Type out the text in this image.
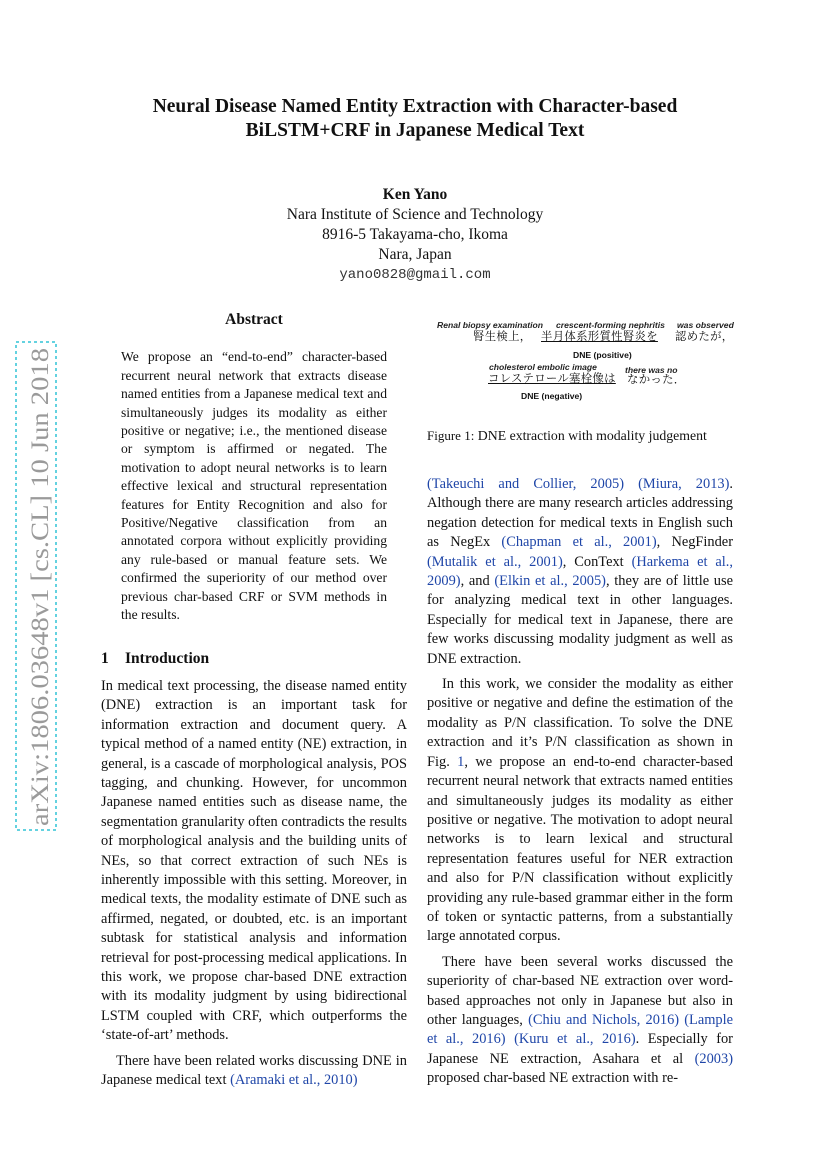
arXiv:1806.03648v1 [cs.CL] 10 Jun 2018
Neural Disease Named Entity Extraction with Character-based
BiLSTM+CRF in Japanese Medical Text
Ken Yano
Nara Institute of Science and Technology
8916-5 Takayama-cho, Ikoma
Nara, Japan
yano0828@gmail.com
Abstract

We propose an “end-to-end” character-based recurrent neural network that extracts disease named entities from a Japanese medical text and simultaneously judges its modality as either positive or negative; i.e., the mentioned disease or symptom is affirmed or negated. The motivation to adopt neural networks is to learn effective lexical and structural representation features for Entity Recognition and also for Positive/Negative classification from an annotated corpora without explicitly providing any rule-based or manual feature sets. We confirmed the superiority of our method over previous char-based CRF or SVM methods in the results.

1 Introduction

In medical text processing, the disease named entity (DNE) extraction is an important task for information extraction and document query. A typical method of a named entity (NE) extraction, in general, is a cascade of morphological analysis, POS tagging, and chunking. However, for uncommon Japanese named entities such as disease name, the segmentation granularity often contradicts the results of morphological analysis and the building units of NEs, so that correct extraction of such NEs is inherently impossible with this setting. Moreover, in medical texts, the modality estimate of DNE such as affirmed, negated, or doubted, etc. is an important subtask for statistical analysis and information retrieval for post-processing medical applications. In this work, we propose char-based DNE extraction with its modality judgment by using bidirectional LSTM coupled with CRF, which outperforms the ‘state-of-art’ methods.

There have been related works discussing DNE in Japanese medical text (Aramaki et al., 2010)

Renal biopsy examination crescent-forming nephritis was observed
腎生検上， 半月体系形質性腎炎を 認めたが，
DNE (positive)
cholesterol embolic image	there was no
コレステロール塞栓像は なかった．
DNE (negative)

Figure 1: DNE extraction with modality judgement

(Takeuchi and Collier, 2005) (Miura, 2013). Although there are many research articles addressing negation detection for medical texts in English such as NegEx (Chapman et al., 2001), NegFinder (Mutalik et al., 2001), ConText (Harkema et al., 2009), and (Elkin et al., 2005), they are of little use for analyzing medical text in other languages. Especially for medical text in Japanese, there are few works discussing modality judgment as well as DNE extraction.

In this work, we consider the modality as either positive or negative and define the estimation of the modality as P/N classification. To solve the DNE extraction and it’s P/N classification as shown in Fig. 1, we propose an end-to-end character-based recurrent neural network that extracts named entities and simultaneously judges its modality as either positive or negative. The motivation to adopt neural networks is to learn lexical and structural representation features useful for NER extraction and also for P/N classification without explicitly providing any rule-based grammar either in the form of token or syntactic patterns, from a substantially large annotated corpus.

There have been several works discussed the superiority of char-based NE extraction over word-based approaches not only in Japanese but also in other languages, (Chiu and Nichols, 2016) (Lample et al., 2016) (Kuru et al., 2016). Especially for Japanese NE extraction, Asahara et al (2003) proposed char-based NE extraction with re-
